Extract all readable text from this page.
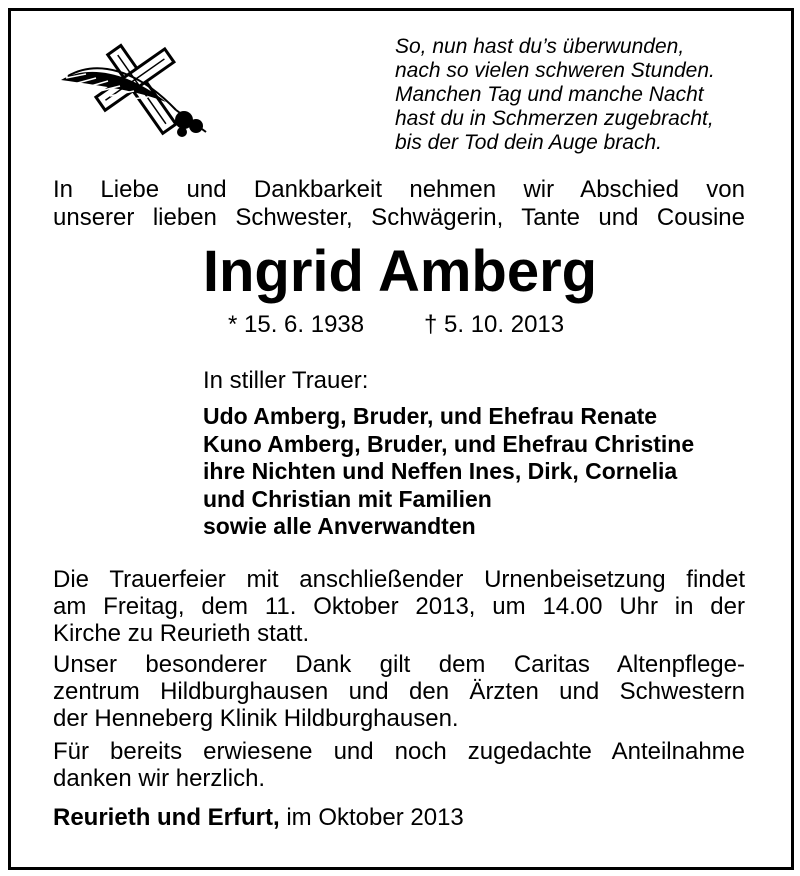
So, nun hast du’s überwunden,
nach so vielen schweren Stunden.
Manchen Tag und manche Nacht
hast du in Schmerzen zugebracht,
bis der Tod dein Auge brach.
In Liebe und Dankbarkeit nehmen wir Abschied von
unserer lieben Schwester, Schwägerin, Tante und Cousine
Ingrid Amberg
* 15. 6. 1938 † 5. 10. 2013
In stiller Trauer:
Udo Amberg, Bruder, und Ehefrau Renate
Kuno Amberg, Bruder, und Ehefrau Christine
ihre Nichten und Neffen Ines, Dirk, Cornelia
und Christian mit Familien
sowie alle Anverwandten
Die Trauerfeier mit anschließender Urnenbeisetzung findet
am Freitag, dem 11. Oktober 2013, um 14.00 Uhr in der
Kirche zu Reurieth statt.
Unser besonderer Dank gilt dem Caritas Altenpflege-
zentrum Hildburghausen und den Ärzten und Schwestern
der Henneberg Klinik Hildburghausen.
Für bereits erwiesene und noch zugedachte Anteilnahme
danken wir herzlich.
Reurieth und Erfurt, im Oktober 2013
